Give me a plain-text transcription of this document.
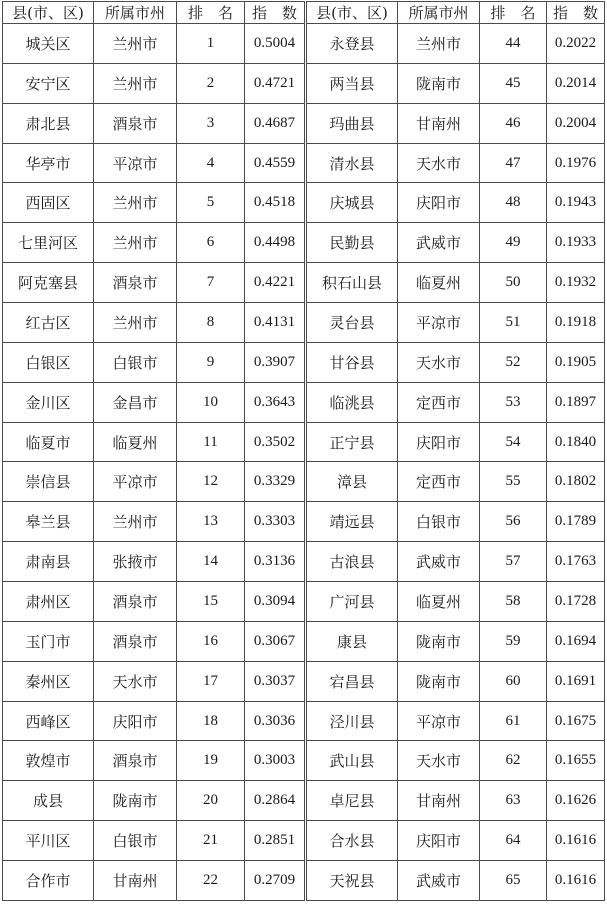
县(市、区)	所属市州	排　名	指　数	县(市、区)	所属市州	排　名	指　数
城关区	兰州市	1	0.5004	永登县	兰州市	44	0.2022
安宁区	兰州市	2	0.4721	两当县	陇南市	45	0.2014
肃北县	酒泉市	3	0.4687	玛曲县	甘南州	46	0.2004
华亭市	平凉市	4	0.4559	清水县	天水市	47	0.1976
西固区	兰州市	5	0.4518	庆城县	庆阳市	48	0.1943
七里河区	兰州市	6	0.4498	民勤县	武威市	49	0.1933
阿克塞县	酒泉市	7	0.4221	积石山县	临夏州	50	0.1932
红古区	兰州市	8	0.4131	灵台县	平凉市	51	0.1918
白银区	白银市	9	0.3907	甘谷县	天水市	52	0.1905
金川区	金昌市	10	0.3643	临洮县	定西市	53	0.1897
临夏市	临夏州	11	0.3502	正宁县	庆阳市	54	0.1840
崇信县	平凉市	12	0.3329	漳县	定西市	55	0.1802
皋兰县	兰州市	13	0.3303	靖远县	白银市	56	0.1789
肃南县	张掖市	14	0.3136	古浪县	武威市	57	0.1763
肃州区	酒泉市	15	0.3094	广河县	临夏州	58	0.1728
玉门市	酒泉市	16	0.3067	康县	陇南市	59	0.1694
秦州区	天水市	17	0.3037	宕昌县	陇南市	60	0.1691
西峰区	庆阳市	18	0.3036	泾川县	平凉市	61	0.1675
敦煌市	酒泉市	19	0.3003	武山县	天水市	62	0.1655
成县	陇南市	20	0.2864	卓尼县	甘南州	63	0.1626
平川区	白银市	21	0.2851	合水县	庆阳市	64	0.1616
合作市	甘南州	22	0.2709	天祝县	武威市	65	0.1616
